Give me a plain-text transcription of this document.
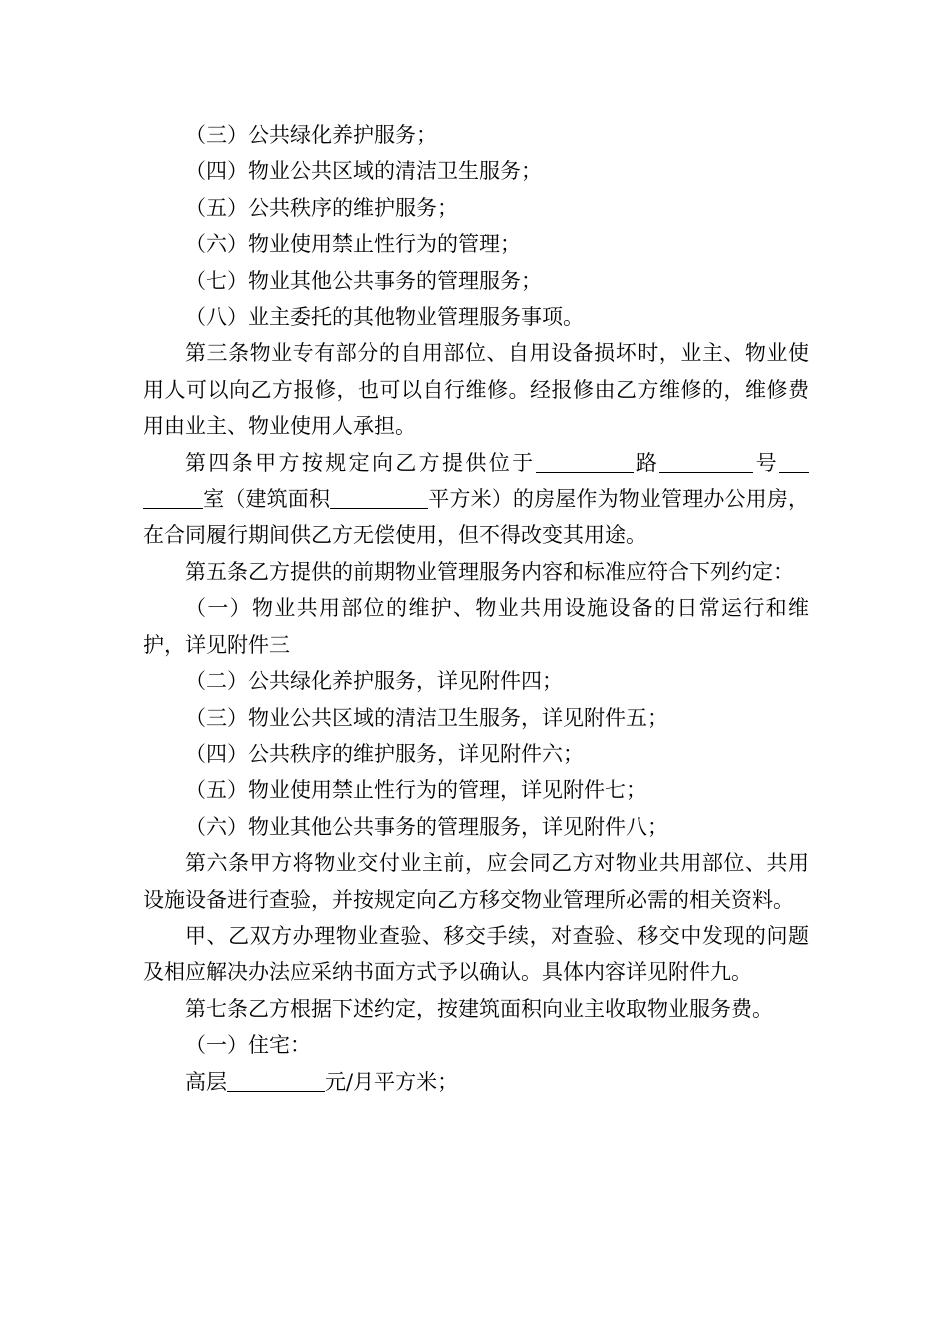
（三）公共绿化养护服务；

（四）物业公共区域的清洁卫生服务；

（五）公共秩序的维护服务；

（六）物业使用禁止性行为的管理；

（七）物业其他公共事务的管理服务；

（八）业主委托的其他物业管理服务事项。

第三条物业专有部分的自用部位、自用设备损坏时，业主、物业使用人可以向乙方报修，也可以自行维修。经报修由乙方维修的，维修费用由业主、物业使用人承担。

第四条甲方按规定向乙方提供位于	路	号室（建筑面积	平方米）的房屋作为物业管理办公用房，在合同履行期间供乙方无偿使用，但不得改变其用途。

第五条乙方提供的前期物业管理服务内容和标准应符合下列约定：

（一）物业共用部位的维护、物业共用设施设备的日常运行和维护，详见附件三

（二）公共绿化养护服务，详见附件四；

（三）物业公共区域的清洁卫生服务，详见附件五；

（四）公共秩序的维护服务，详见附件六；

（五）物业使用禁止性行为的管理，详见附件七；

（六）物业其他公共事务的管理服务，详见附件八；

第六条甲方将物业交付业主前，应会同乙方对物业共用部位、共用设施设备进行查验，并按规定向乙方移交物业管理所必需的相关资料。

甲、乙双方办理物业查验、移交手续，对查验、移交中发现的问题及相应解决办法应采纳书面方式予以确认。具体内容详见附件九。

第七条乙方根据下述约定，按建筑面积向业主收取物业服务费。

（一）住宅：

高层	元/月平方米；
